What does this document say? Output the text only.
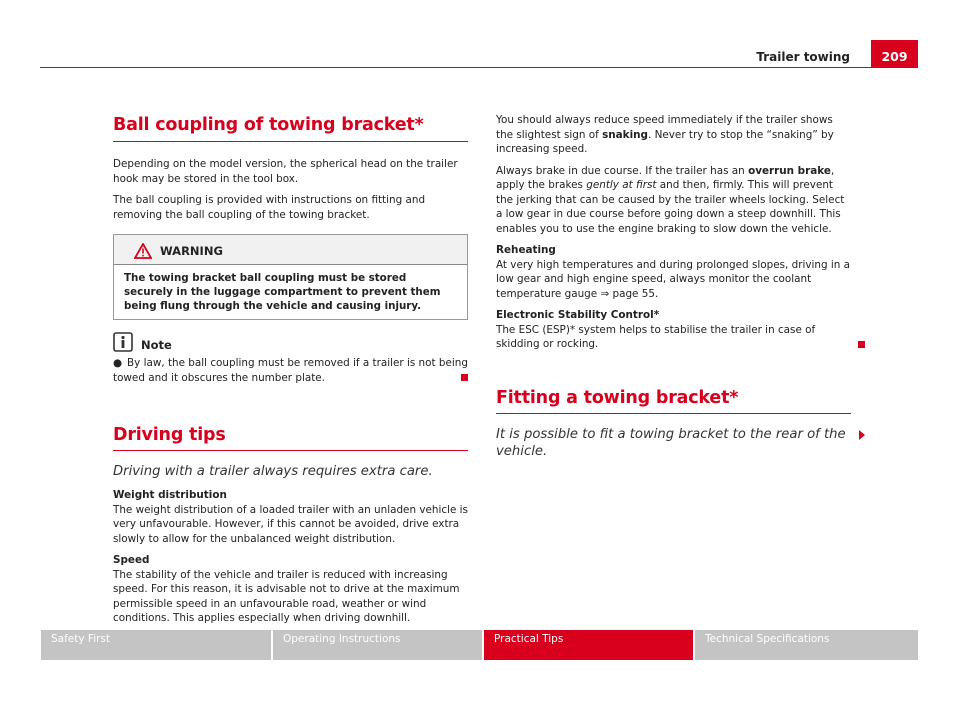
Trailer towing	209
Ball coupling of towing bracket*

Depending on the model version, the spherical head on the trailer hook may be stored in the tool box.

The ball coupling is provided with instructions on fitting and removing the ball coupling of the towing bracket.

WARNING
The towing bracket ball coupling must be stored securely in the luggage compartment to prevent them being flung through the vehicle and causing injury.
Note

● By law, the ball coupling must be removed if a trailer is not being towed and it obscures the number plate.

Driving tips

Driving with a trailer always requires extra care.

Weight distribution

The weight distribution of a loaded trailer with an unladen vehicle is very unfavourable. However, if this cannot be avoided, drive extra slowly to allow for the unbalanced weight distribution.

Speed

The stability of the vehicle and trailer is reduced with increasing speed. For this reason, it is advisable not to drive at the maximum permissible speed in an unfavourable road, weather or wind conditions. This applies especially when driving downhill.

You should always reduce speed immediately if the trailer shows the slightest sign of snaking. Never try to stop the “snaking” by increasing speed.

Always brake in due course. If the trailer has an overrun brake, apply the brakes gently at first and then, firmly. This will prevent the jerking that can be caused by the trailer wheels locking. Select a low gear in due course before going down a steep downhill. This enables you to use the engine braking to slow down the vehicle.

Reheating

At very high temperatures and during prolonged slopes, driving in a low gear and high engine speed, always monitor the coolant temperature gauge ⇒ page 55.

Electronic Stability Control*

The ESC (ESP)* system helps to stabilise the trailer in case of skidding or rocking.

Fitting a towing bracket*

It is possible to fit a towing bracket to the rear of the vehicle.

Safety First	Operating Instructions	Practical Tips	Technical Specifications
